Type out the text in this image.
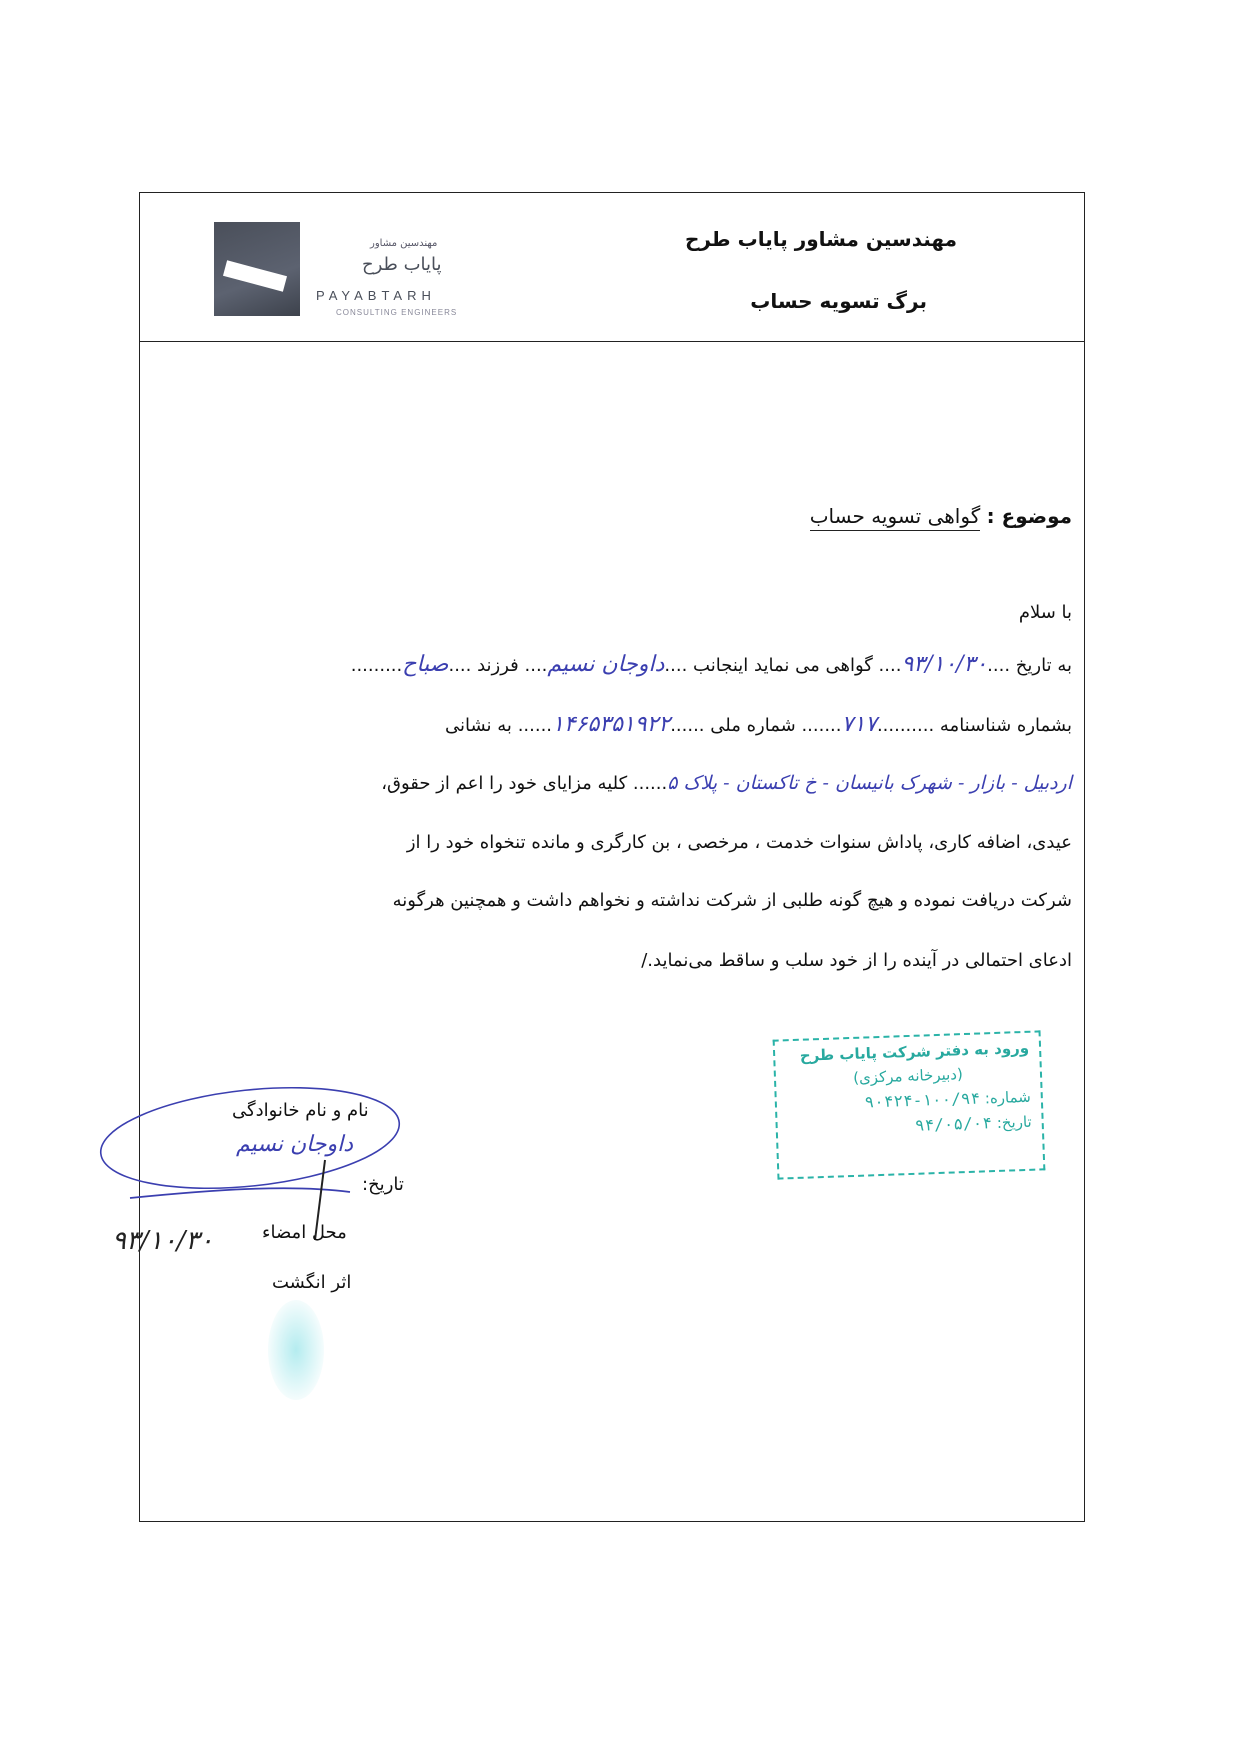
مهندسین مشاور
پایاب طرح
PAYABTARH
CONSULTING ENGINEERS
مهندسین مشاور پایاب طرح
برگ تسویه حساب
موضوع : گواهی تسویه حساب
با سلام
به تاریخ ....۹۳/۱۰/۳۰.... گواهی می نماید اینجانب ....داوجان نسیم.... فرزند ....صباح.........
بشماره شناسنامه ..........۷۱۷....... شماره ملی ......۱۴۶۵۳۵۱۹۲۲...... به نشانی
اردبیل - بازار - شهرک بانیسان - خ تاکستان - پلاک ۵...... کلیه مزایای خود را اعم از حقوق،
عیدی، اضافه کاری، پاداش سنوات خدمت ، مرخصی ، بن کارگری و مانده تنخواه خود را از
شرکت دریافت نموده و هیچ گونه طلبی از شرکت نداشته و نخواهم داشت و همچنین هرگونه
ادعای احتمالی در آینده را از خود سلب و ساقط می‌نماید./
ورود به دفتر شرکت پایاب طرح
(دبیرخانه مرکزی)
شماره: ۱۰۰/۹۴-۹۰۴۲۴
تاریخ: ۹۴/۰۵/۰۴
نام و نام خانوادگی
داوجان نسیم
تاریخ:
محل امضاء
۹۳/۱۰/۳۰
اثر انگشت
